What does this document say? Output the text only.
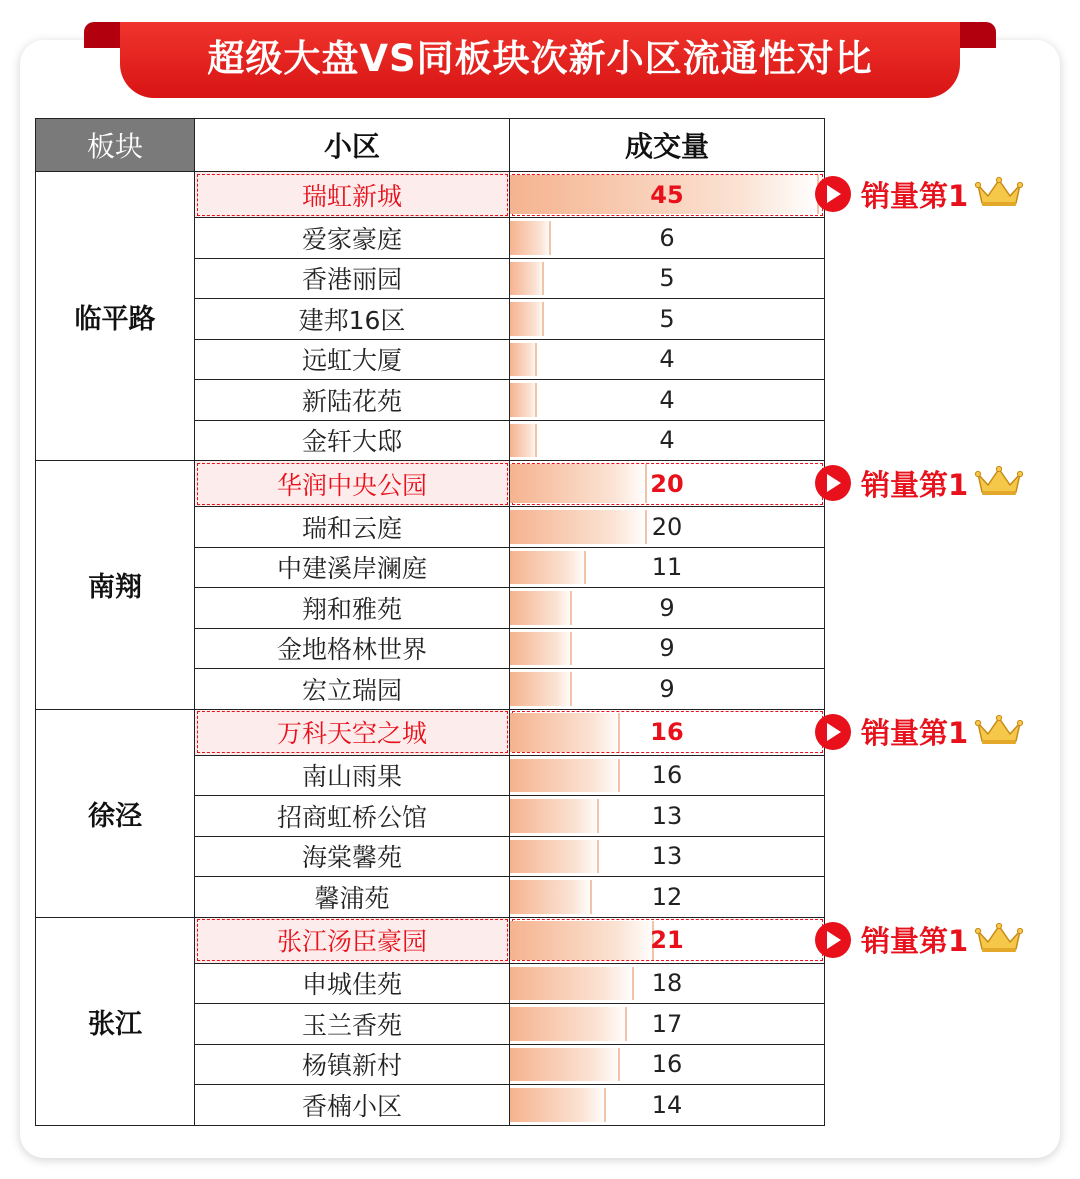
超级大盘VS同板块次新小区流通性对比
板块	小区	成交量
临平路	瑞虹新城	45
	爱家豪庭	6
	香港丽园	5
	建邦16区	5
	远虹大厦	4
	新陆花苑	4
	金轩大邸	4
南翔	华润中央公园	20
	瑞和云庭	20
	中建溪岸澜庭	11
	翔和雅苑	9
	金地格林世界	9
	宏立瑞园	9
徐泾	万科天空之城	16
	南山雨果	16
	招商虹桥公馆	13
	海棠馨苑	13
	馨浦苑	12
张江	张江汤臣豪园	21
	申城佳苑	18
	玉兰香苑	17
	杨镇新村	16
	香楠小区	14
销量第1
销量第1
销量第1
销量第1
